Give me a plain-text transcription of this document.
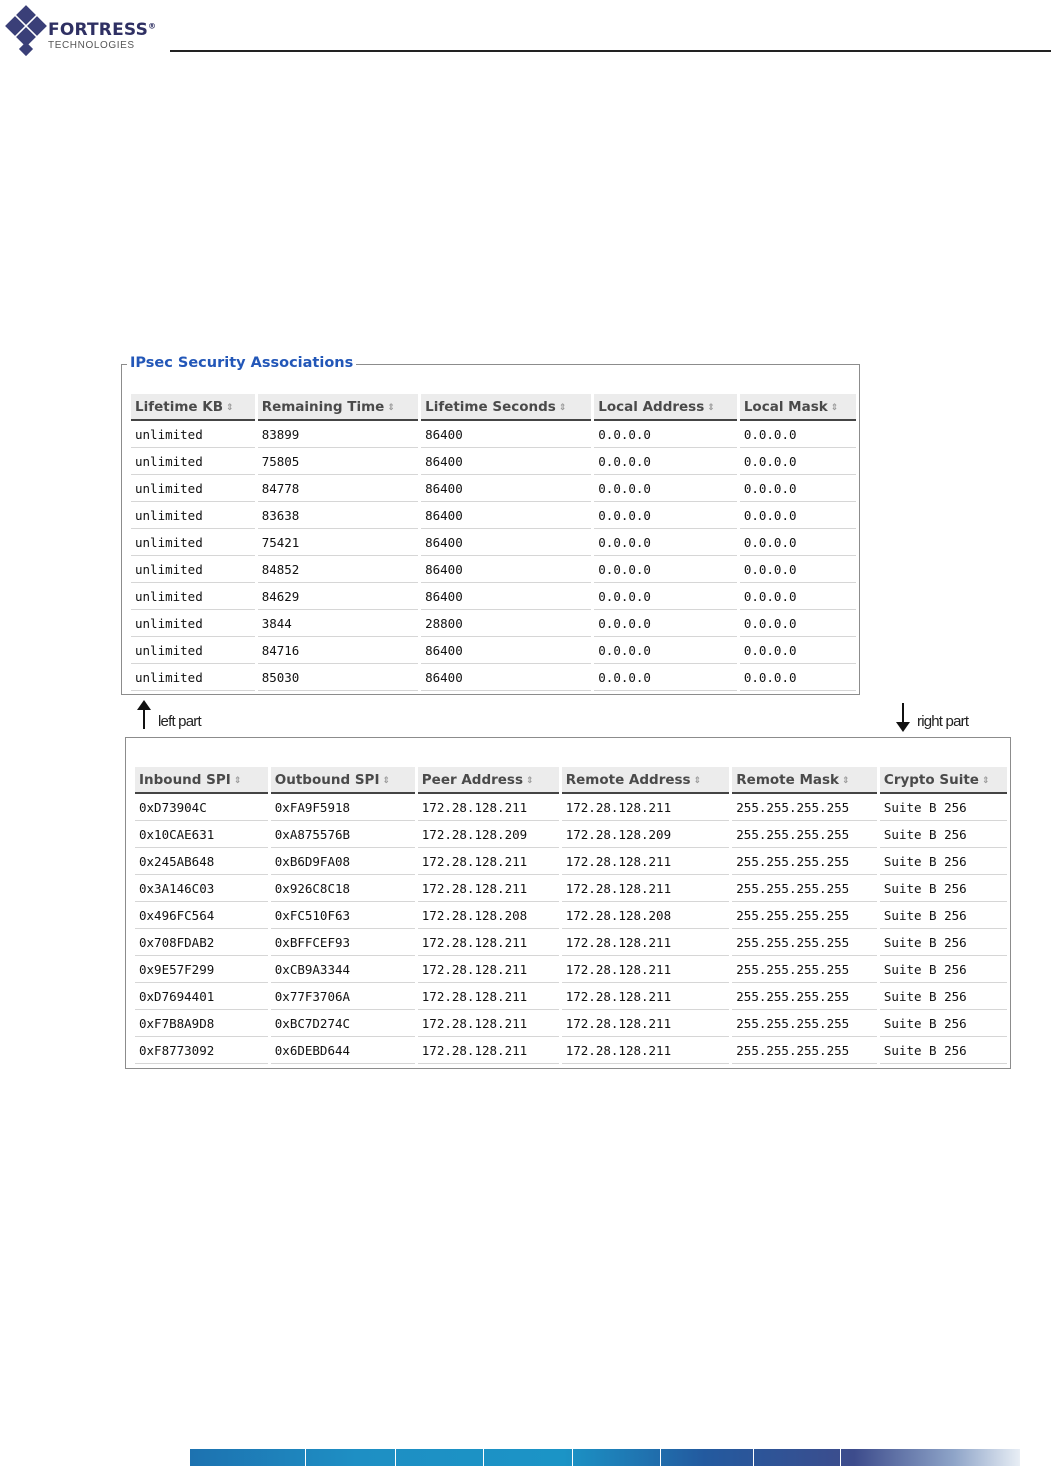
FORTRESS®
TECHNOLOGIES
IPsec Security Associations
Lifetime KB ⇕	Remaining Time ⇕	Lifetime Seconds ⇕	Local Address ⇕	Local Mask ⇕
unlimited	83899	86400	0.0.0.0	0.0.0.0
unlimited	75805	86400	0.0.0.0	0.0.0.0
unlimited	84778	86400	0.0.0.0	0.0.0.0
unlimited	83638	86400	0.0.0.0	0.0.0.0
unlimited	75421	86400	0.0.0.0	0.0.0.0
unlimited	84852	86400	0.0.0.0	0.0.0.0
unlimited	84629	86400	0.0.0.0	0.0.0.0
unlimited	3844	28800	0.0.0.0	0.0.0.0
unlimited	84716	86400	0.0.0.0	0.0.0.0
unlimited	85030	86400	0.0.0.0	0.0.0.0
left part	right part
Inbound SPI ⇕	Outbound SPI ⇕	Peer Address ⇕	Remote Address ⇕	Remote Mask ⇕	Crypto Suite ⇕
0xD73904C	0xFA9F5918	172.28.128.211	172.28.128.211	255.255.255.255	Suite B 256
0x10CAE631	0xA875576B	172.28.128.209	172.28.128.209	255.255.255.255	Suite B 256
0x245AB648	0xB6D9FA08	172.28.128.211	172.28.128.211	255.255.255.255	Suite B 256
0x3A146C03	0x926C8C18	172.28.128.211	172.28.128.211	255.255.255.255	Suite B 256
0x496FC564	0xFC510F63	172.28.128.208	172.28.128.208	255.255.255.255	Suite B 256
0x708FDAB2	0xBFFCEF93	172.28.128.211	172.28.128.211	255.255.255.255	Suite B 256
0x9E57F299	0xCB9A3344	172.28.128.211	172.28.128.211	255.255.255.255	Suite B 256
0xD7694401	0x77F3706A	172.28.128.211	172.28.128.211	255.255.255.255	Suite B 256
0xF7B8A9D8	0xBC7D274C	172.28.128.211	172.28.128.211	255.255.255.255	Suite B 256
0xF8773092	0x6DEBD644	172.28.128.211	172.28.128.211	255.255.255.255	Suite B 256
